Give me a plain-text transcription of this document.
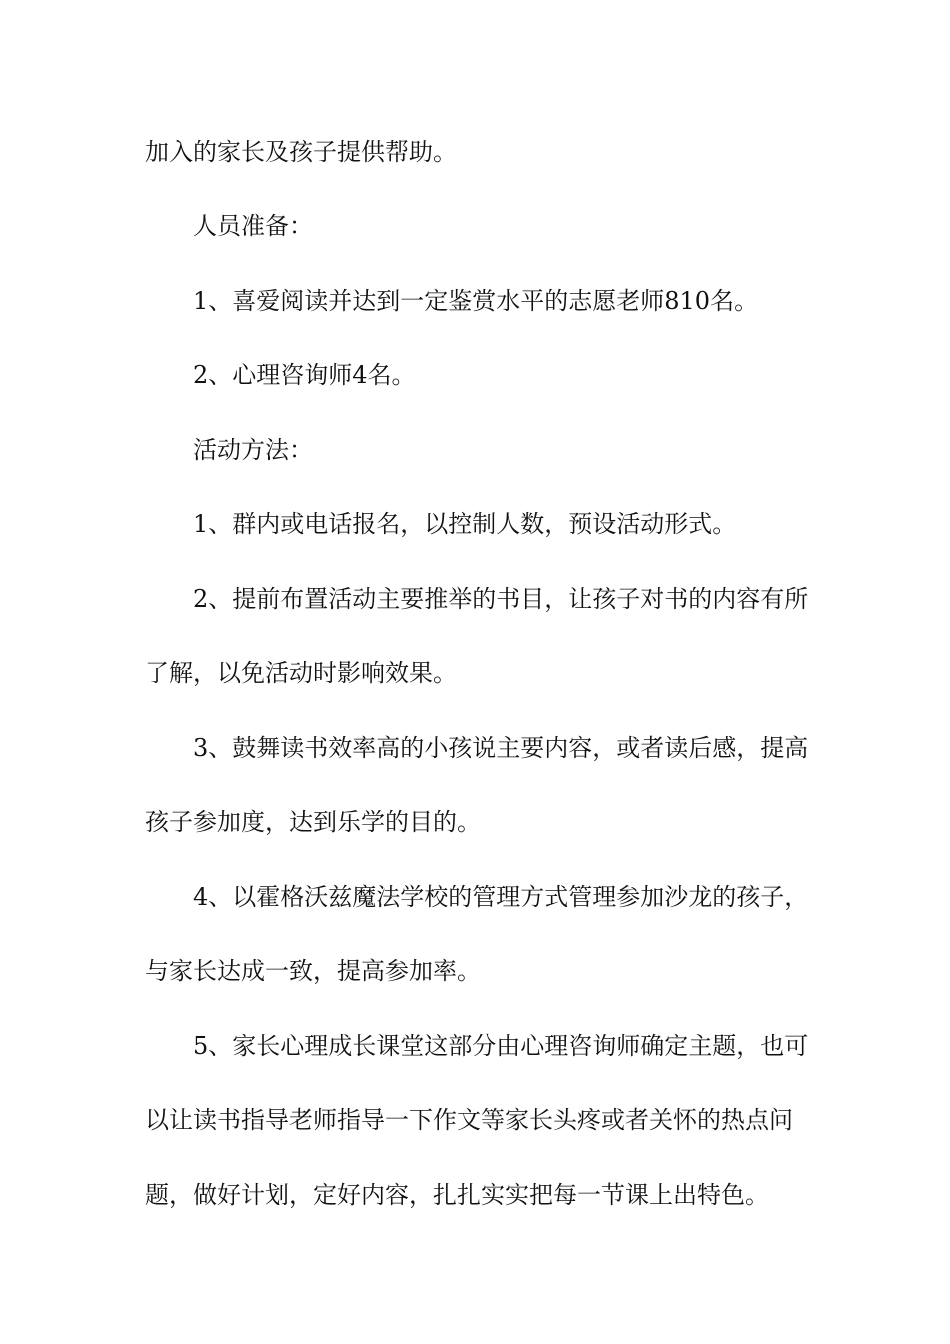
加入的家长及孩子提供帮助。
人员准备：
1、喜爱阅读并达到一定鉴赏水平的志愿老师810名。
2、心理咨询师4名。
活动方法：
1、群内或电话报名，以控制人数，预设活动形式。
2、提前布置活动主要推举的书目，让孩子对书的内容有所
了解，以免活动时影响效果。
3、鼓舞读书效率高的小孩说主要内容，或者读后感，提高
孩子参加度，达到乐学的目的。
4、以霍格沃兹魔法学校的管理方式管理参加沙龙的孩子，
与家长达成一致，提高参加率。
5、家长心理成长课堂这部分由心理咨询师确定主题，也可
以让读书指导老师指导一下作文等家长头疼或者关怀的热点问
题，做好计划，定好内容，扎扎实实把每一节课上出特色。
